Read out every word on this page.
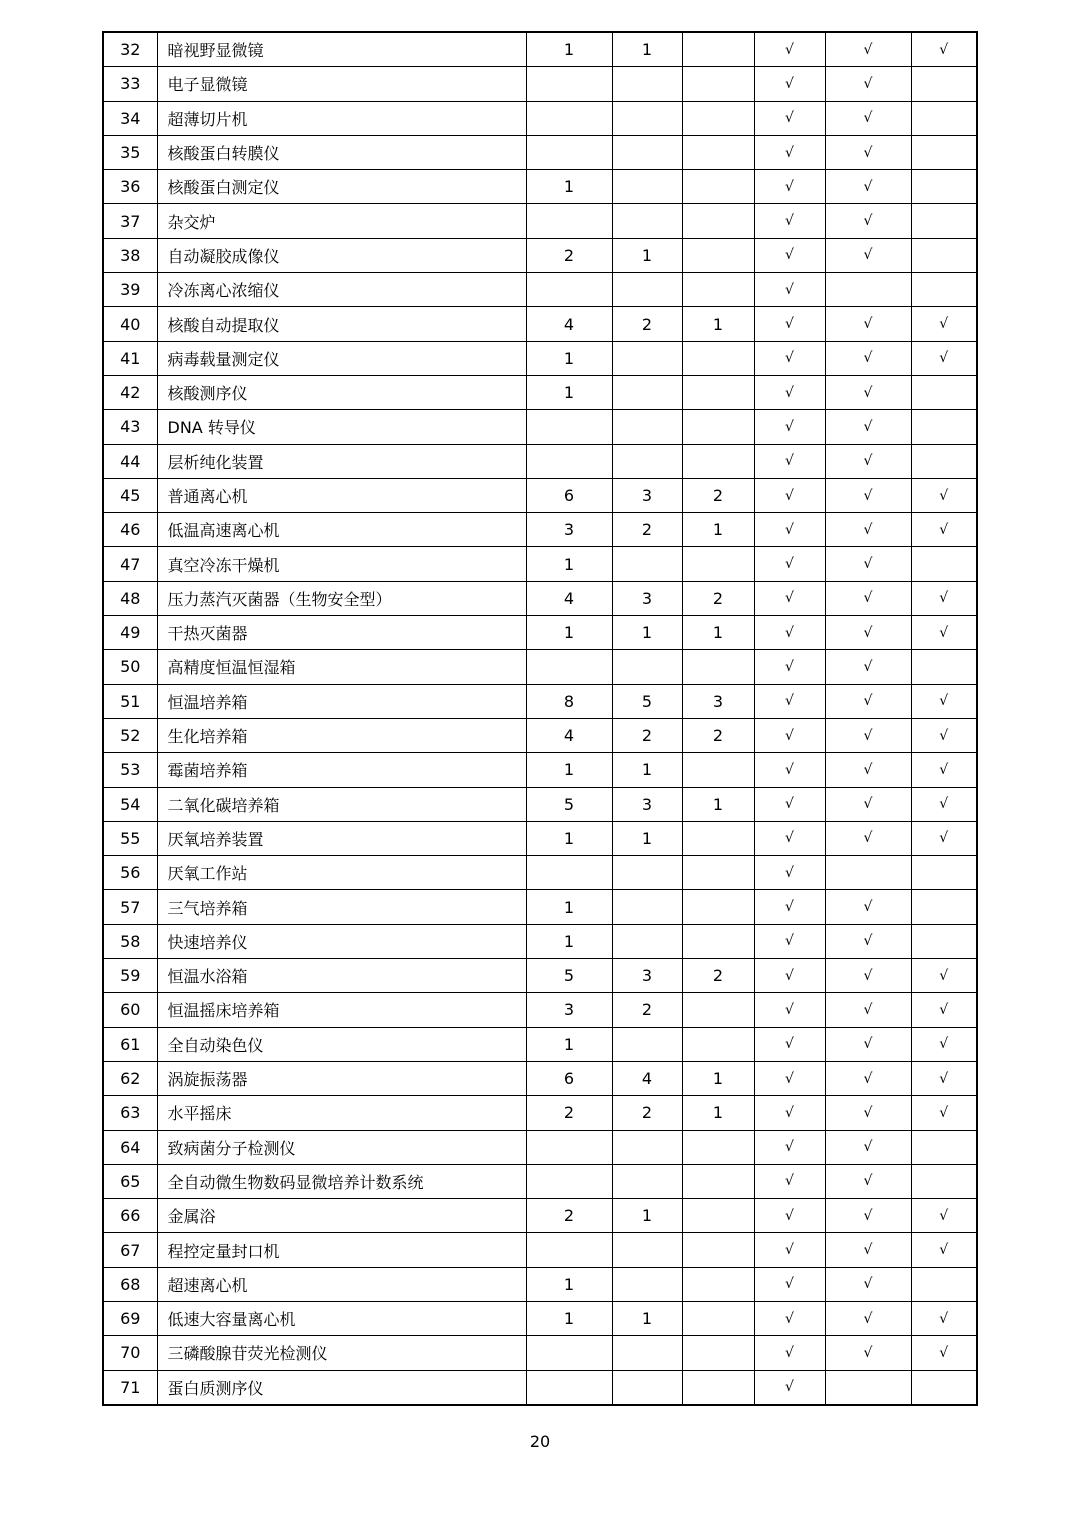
32	暗视野显微镜	1	1		√	√	√
33	电子显微镜				√	√	
34	超薄切片机				√	√	
35	核酸蛋白转膜仪				√	√	
36	核酸蛋白测定仪	1			√	√	
37	杂交炉				√	√	
38	自动凝胶成像仪	2	1		√	√	
39	冷冻离心浓缩仪				√		
40	核酸自动提取仪	4	2	1	√	√	√
41	病毒载量测定仪	1			√	√	√
42	核酸测序仪	1			√	√	
43	DNA 转导仪				√	√	
44	层析纯化装置				√	√	
45	普通离心机	6	3	2	√	√	√
46	低温高速离心机	3	2	1	√	√	√
47	真空冷冻干燥机	1			√	√	
48	压力蒸汽灭菌器（生物安全型）	4	3	2	√	√	√
49	干热灭菌器	1	1	1	√	√	√
50	高精度恒温恒湿箱				√	√	
51	恒温培养箱	8	5	3	√	√	√
52	生化培养箱	4	2	2	√	√	√
53	霉菌培养箱	1	1		√	√	√
54	二氧化碳培养箱	5	3	1	√	√	√
55	厌氧培养装置	1	1		√	√	√
56	厌氧工作站				√		
57	三气培养箱	1			√	√	
58	快速培养仪	1			√	√	
59	恒温水浴箱	5	3	2	√	√	√
60	恒温摇床培养箱	3	2		√	√	√
61	全自动染色仪	1			√	√	√
62	涡旋振荡器	6	4	1	√	√	√
63	水平摇床	2	2	1	√	√	√
64	致病菌分子检测仪				√	√	
65	全自动微生物数码显微培养计数系统				√	√	
66	金属浴	2	1		√	√	√
67	程控定量封口机				√	√	√
68	超速离心机	1			√	√	
69	低速大容量离心机	1	1		√	√	√
70	三磷酸腺苷荧光检测仪				√	√	√
71	蛋白质测序仪				√		
20
